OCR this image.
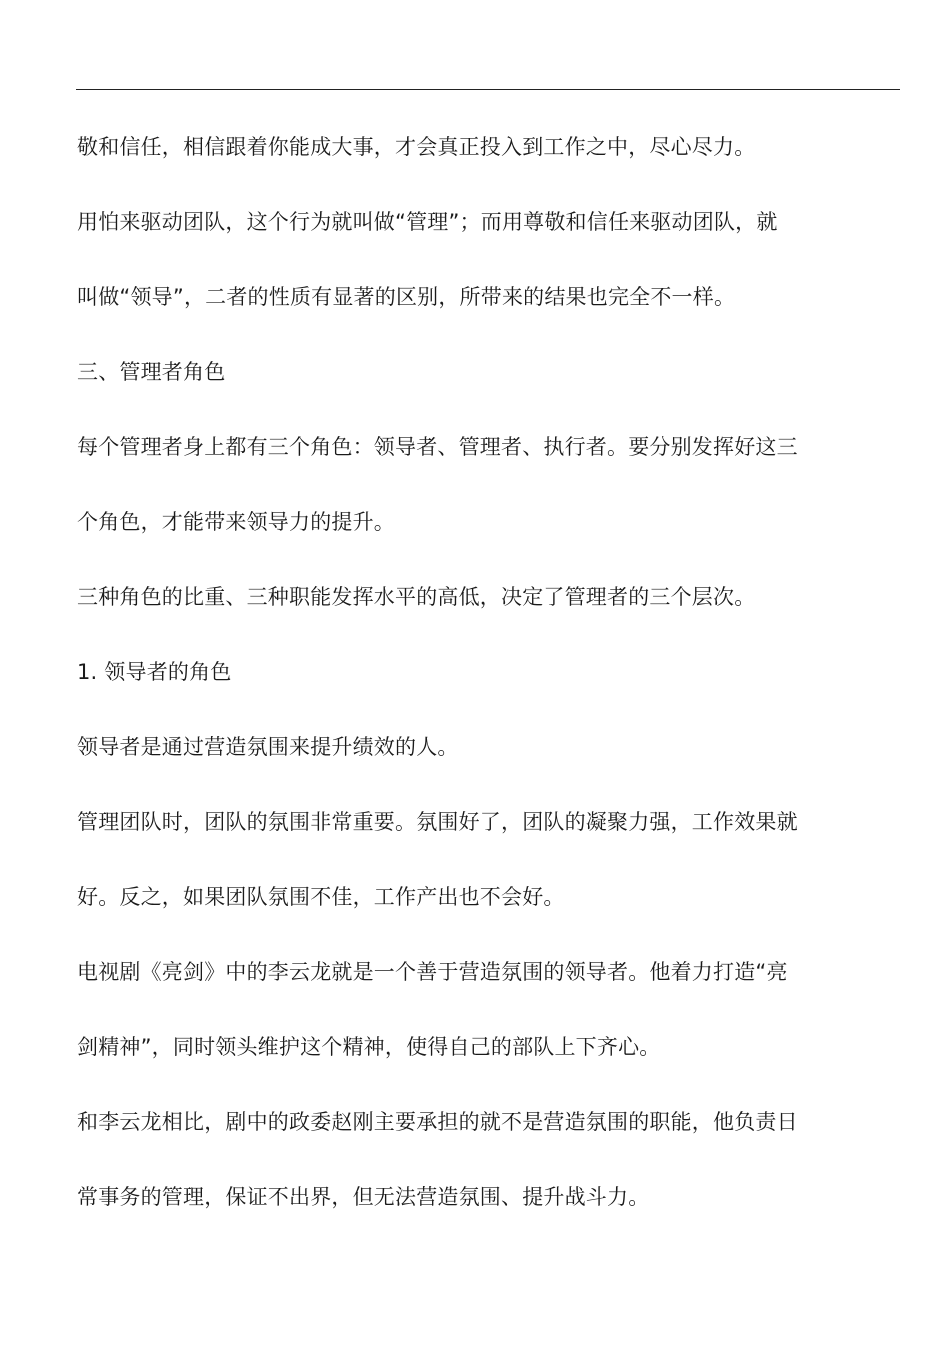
敬和信任，相信跟着你能成大事，才会真正投入到工作之中，尽心尽力。
用怕来驱动团队，这个行为就叫做“管理”；而用尊敬和信任来驱动团队，就
叫做“领导”，二者的性质有显著的区别，所带来的结果也完全不一样。
三、管理者角色
每个管理者身上都有三个角色：领导者、管理者、执行者。要分别发挥好这三
个角色，才能带来领导力的提升。
三种角色的比重、三种职能发挥水平的高低，决定了管理者的三个层次。
1. 领导者的角色
领导者是通过营造氛围来提升绩效的人。
管理团队时，团队的氛围非常重要。氛围好了，团队的凝聚力强，工作效果就
好。反之，如果团队氛围不佳，工作产出也不会好。
电视剧《亮剑》中的李云龙就是一个善于营造氛围的领导者。他着力打造“亮
剑精神”，同时领头维护这个精神，使得自己的部队上下齐心。
和李云龙相比，剧中的政委赵刚主要承担的就不是营造氛围的职能，他负责日
常事务的管理，保证不出界，但无法营造氛围、提升战斗力。
